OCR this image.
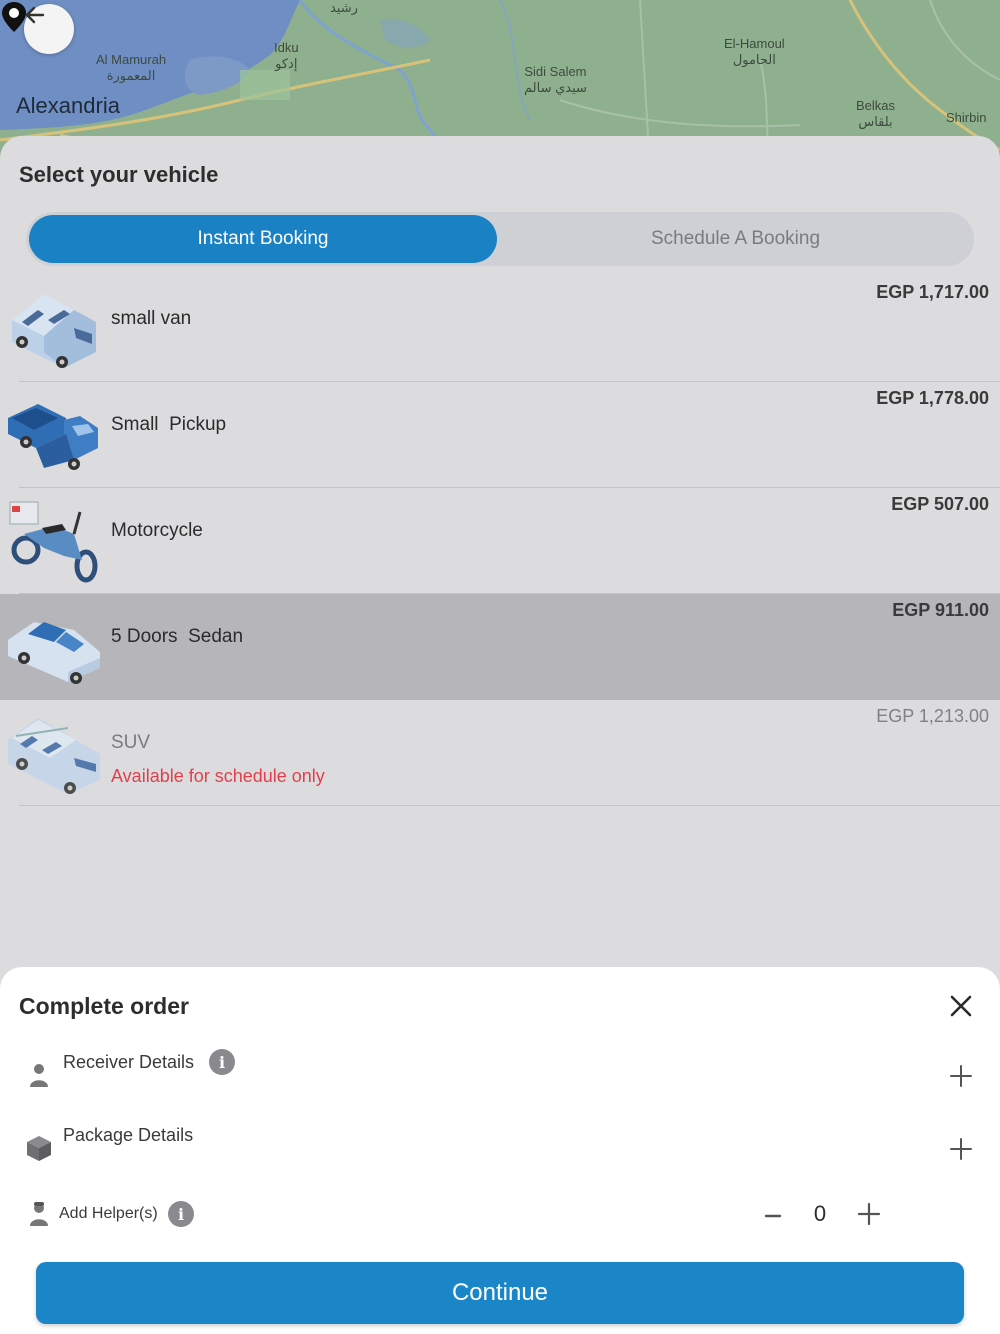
رشيد
Al Mamurah
المعمورة
Idku
إدكو
Alexandria
Sidi Salem
سيدي سالم
El-Hamoul
الحامول
Belkas
بلقاس	Shirbin
Select your vehicle
Instant Booking	Schedule A Booking
small van
EGP 1,717.00
Small  Pickup
EGP 1,778.00
Motorcycle
EGP 507.00
5 Doors  Sedan
EGP 911.00
SUV
Available for schedule only
EGP 1,213.00
Complete order
Receiver Details	i
Package Details
Add Helper(s)	i	0
Continue
